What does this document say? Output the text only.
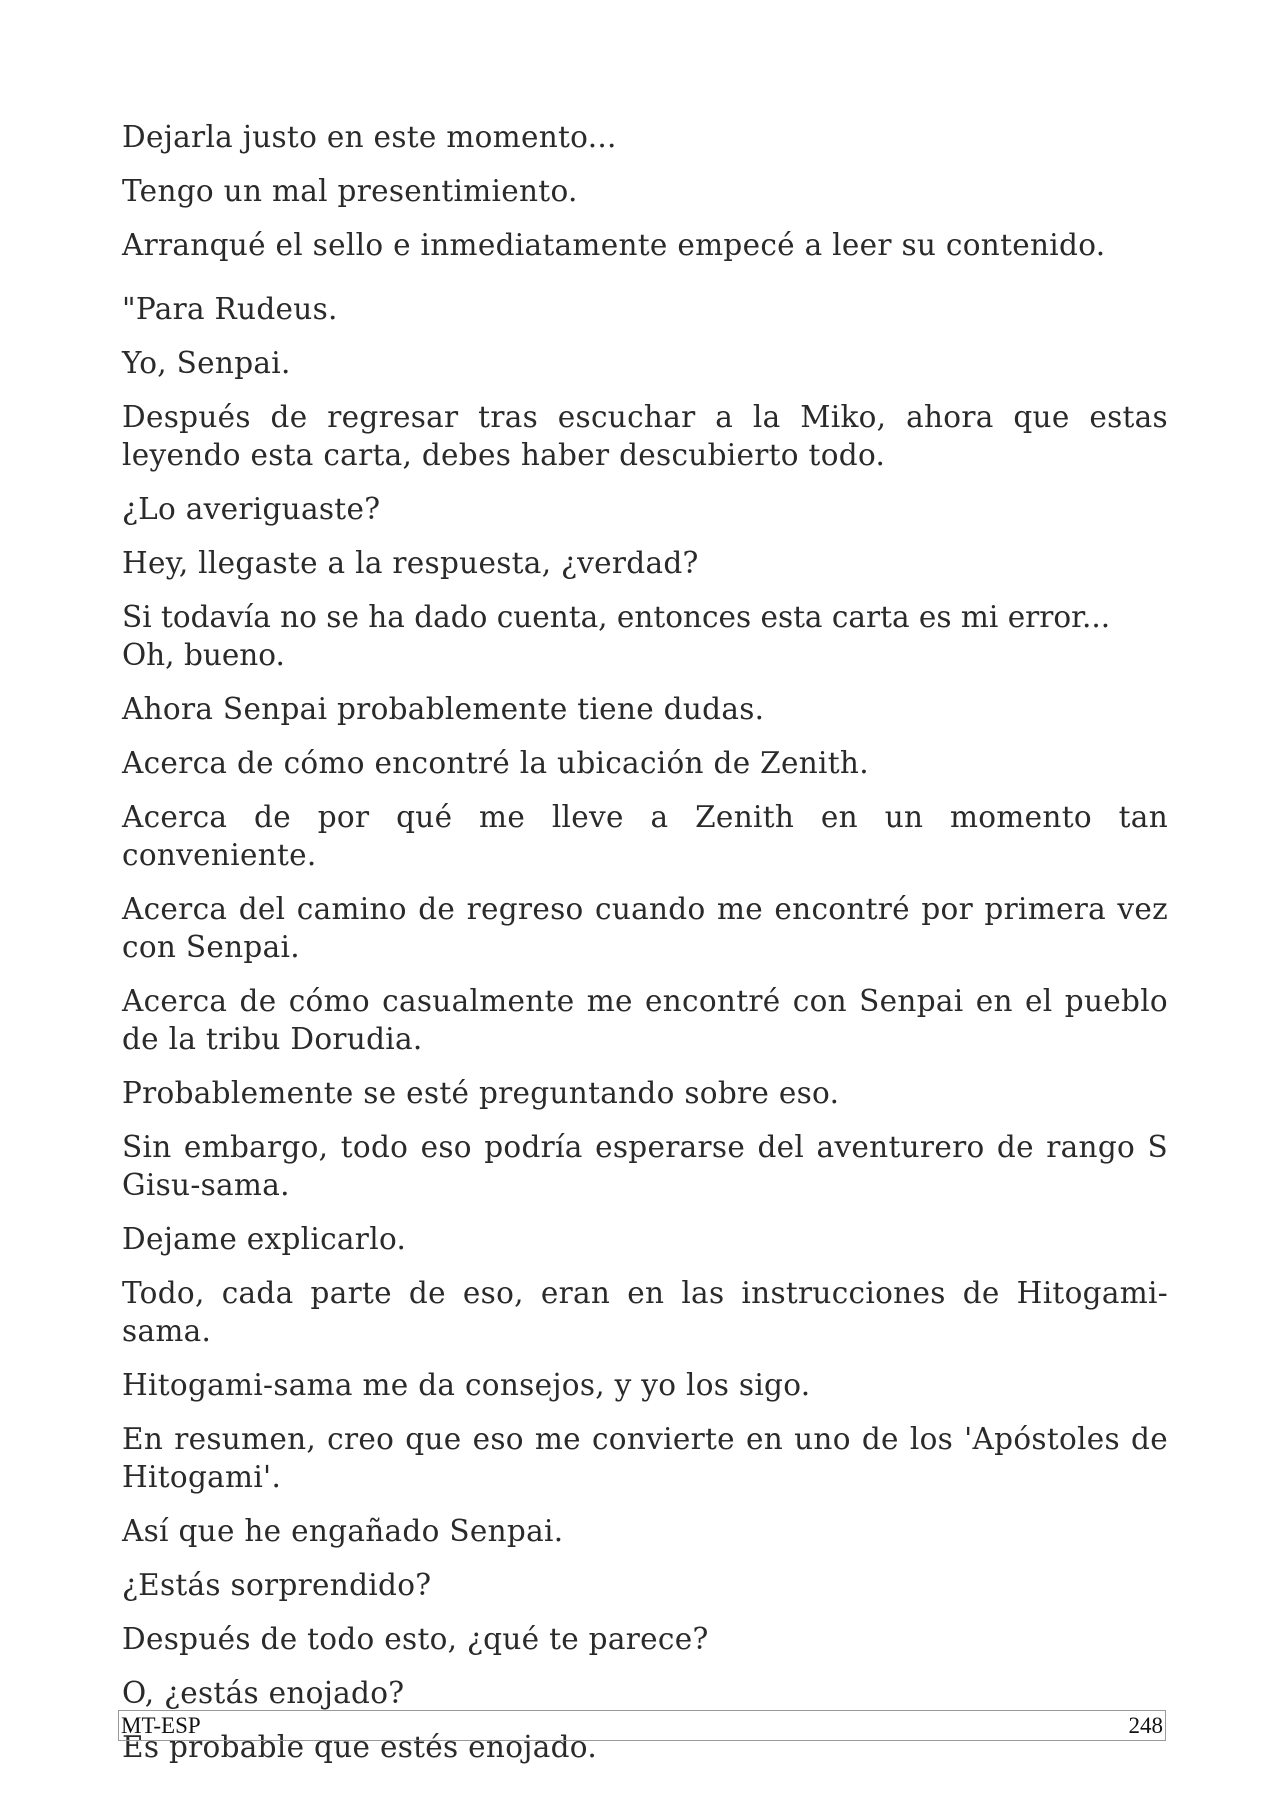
Dejarla justo en este momento...

Tengo un mal presentimiento.

Arranqué el sello e inmediatamente empecé a leer su contenido.

"Para Rudeus.

Yo, Senpai.

Después de regresar tras escuchar a la Miko, ahora que estas leyendo esta carta, debes haber descubierto todo.

¿Lo averiguaste?

Hey, llegaste a la respuesta, ¿verdad?

Si todavía no se ha dado cuenta, entonces esta carta es mi error... Oh, bueno.

Ahora Senpai probablemente tiene dudas.

Acerca de cómo encontré la ubicación de Zenith.

Acerca de por qué me lleve a Zenith en un momento tan conveniente.

Acerca del camino de regreso cuando me encontré por primera vez con Senpai.

Acerca de cómo casualmente me encontré con Senpai en el pueblo de la tribu Dorudia.

Probablemente se esté preguntando sobre eso.

Sin embargo, todo eso podría esperarse del aventurero de rango S Gisu-sama.

Dejame explicarlo.

Todo, cada parte de eso, eran en las instrucciones de Hitogami-sama.

Hitogami-sama me da consejos, y yo los sigo.

En resumen, creo que eso me convierte en uno de los 'Apóstoles de Hitogami'.

Así que he engañado Senpai.

¿Estás sorprendido?

Después de todo esto, ¿qué te parece?

O, ¿estás enojado?

Es probable que estés enojado.

MT-ESP	248
